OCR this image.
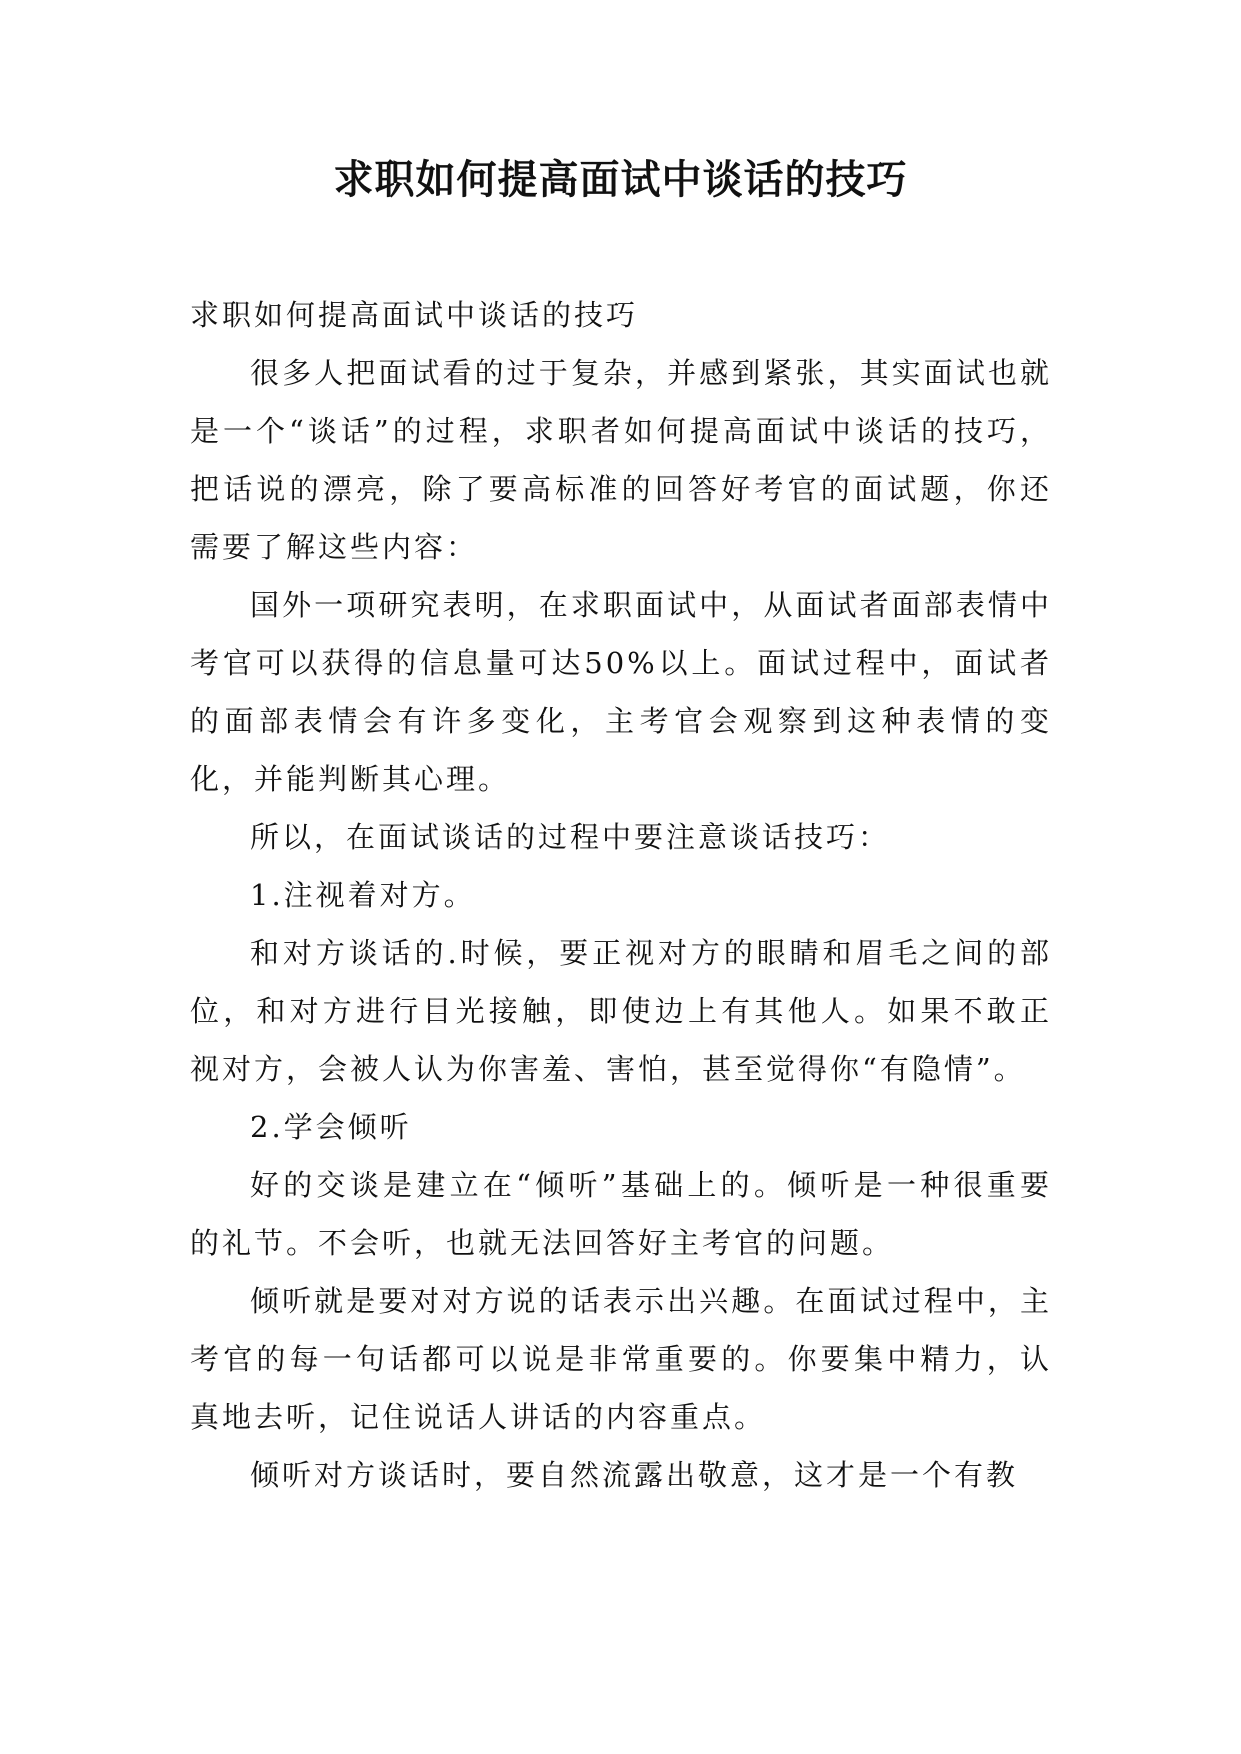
求职如何提高面试中谈话的技巧

求职如何提高面试中谈话的技巧

很多人把面试看的过于复杂，并感到紧张，其实面试也就是一个“谈话”的过程，求职者如何提高面试中谈话的技巧，把话说的漂亮，除了要高标准的回答好考官的面试题，你还需要了解这些内容：

国外一项研究表明，在求职面试中，从面试者面部表情中考官可以获得的信息量可达50%以上。面试过程中，面试者的面部表情会有许多变化，主考官会观察到这种表情的变化，并能判断其心理。

所以，在面试谈话的过程中要注意谈话技巧：

1.注视着对方。

和对方谈话的.时候，要正视对方的眼睛和眉毛之间的部位，和对方进行目光接触，即使边上有其他人。如果不敢正视对方，会被人认为你害羞、害怕，甚至觉得你“有隐情”。

2.学会倾听

好的交谈是建立在“倾听”基础上的。倾听是一种很重要的礼节。不会听，也就无法回答好主考官的问题。

倾听就是要对对方说的话表示出兴趣。在面试过程中，主考官的每一句话都可以说是非常重要的。你要集中精力，认真地去听，记住说话人讲话的内容重点。

倾听对方谈话时，要自然流露出敬意，这才是一个有教
